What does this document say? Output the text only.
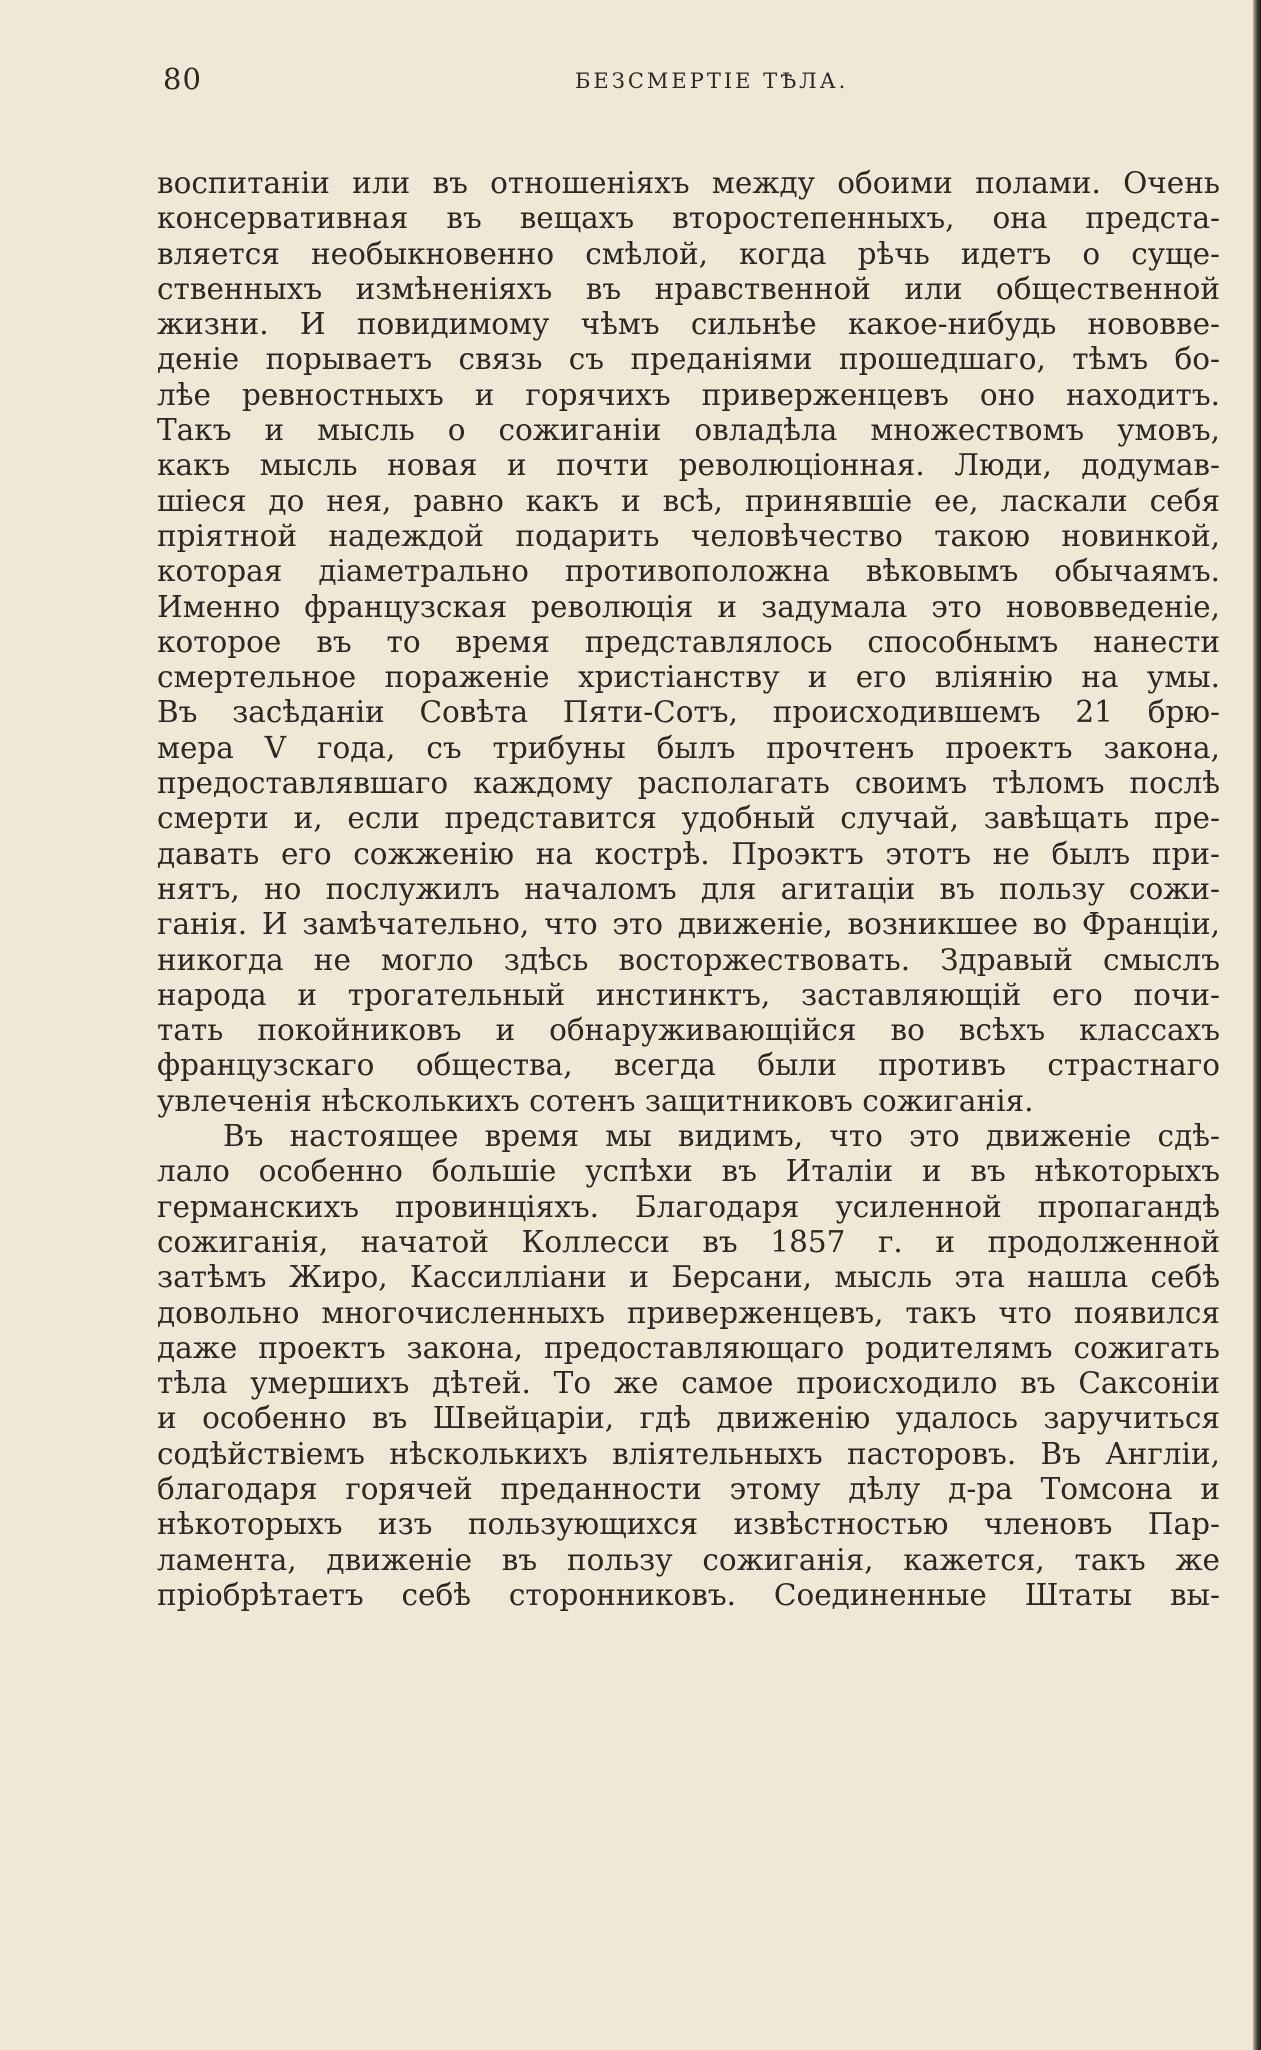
80	БЕЗСМЕРТІЕ ТѢЛА.
воспитаніи или въ отношеніяхъ между обоими полами. Очень
консервативная въ вещахъ второстепенныхъ, она предста-
вляется необыкновенно смѣлой, когда рѣчь идетъ о суще-
ственныхъ измѣненіяхъ въ нравственной или общественной
жизни. И повидимому чѣмъ сильнѣе какое-нибудь нововве-
деніе порываетъ связь съ преданіями прошедшаго, тѣмъ бо-
лѣе ревностныхъ и горячихъ приверженцевъ оно находитъ.
Такъ и мысль о сожиганіи овладѣла множествомъ умовъ,
какъ мысль новая и почти революціонная. Люди, додумав-
шіеся до нея, равно какъ и всѣ, принявшіе ее, ласкали себя
пріятной надеждой подарить человѣчество такою новинкой,
которая діаметрально противоположна вѣковымъ обычаямъ.
Именно французская революція и задумала это нововведеніе,
которое въ то время представлялось способнымъ нанести
смертельное пораженіе христіанству и его вліянію на умы.
Въ засѣданіи Совѣта Пяти-Сотъ, происходившемъ 21 брю-
мера V года, съ трибуны былъ прочтенъ проектъ закона,
предоставлявшаго каждому располагать своимъ тѣломъ послѣ
смерти и, если представится удобный случай, завѣщать пре-
давать его сожженію на кострѣ. Проэктъ этотъ не былъ при-
нятъ, но послужилъ началомъ для агитаціи въ пользу сожи-
ганія. И замѣчательно, что это движеніе, возникшее во Франціи,
никогда не могло здѣсь восторжествовать. Здравый смыслъ
народа и трогательный инстинктъ, заставляющій его почи-
тать покойниковъ и обнаруживающійся во всѣхъ классахъ
французскаго общества, всегда были противъ страстнаго
увлеченія нѣсколькихъ сотенъ защитниковъ сожиганія.
Въ настоящее время мы видимъ, что это движеніе сдѣ-
лало особенно большіе успѣхи въ Италіи и въ нѣкоторыхъ
германскихъ провинціяхъ. Благодаря усиленной пропагандѣ
сожиганія, начатой Коллесси въ 1857 г. и продолженной
затѣмъ Жиро, Кассилліани и Берсани, мысль эта нашла себѣ
довольно многочисленныхъ приверженцевъ, такъ что появился
даже проектъ закона, предоставляющаго родителямъ сожигать
тѣла умершихъ дѣтей. То же самое происходило въ Саксоніи
и особенно въ Швейцаріи, гдѣ движенію удалось заручиться
содѣйствіемъ нѣсколькихъ вліятельныхъ пасторовъ. Въ Англіи,
благодаря горячей преданности этому дѣлу д-ра Томсона и
нѣкоторыхъ изъ пользующихся извѣстностью членовъ Пар-
ламента, движеніе въ пользу сожиганія, кажется, такъ же
пріобрѣтаетъ себѣ сторонниковъ. Соединенные Штаты вы-
